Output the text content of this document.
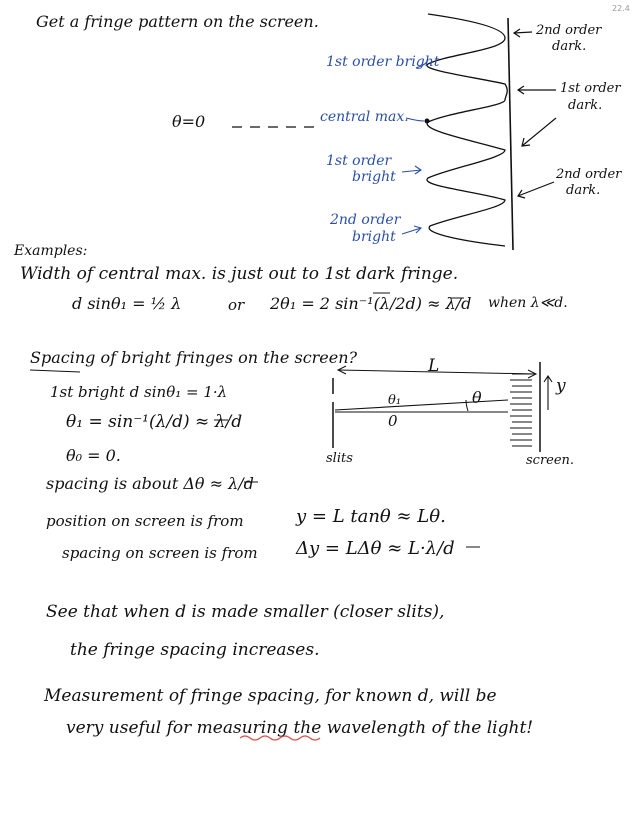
22.4
Get a fringe pattern on the screen.
1st order bright
θ=0	central max.
1st order
bright
2nd order
bright
2nd order
dark.
1st order
dark.
2nd order
dark.
Examples:
Width of central max. is just out to 1st dark fringe.
d sinθ₁ = ½ λ	or 2θ₁ = 2 sin⁻¹(λ/2d) ≈ λ/d when λ≪d.
Spacing of bright fringes on the screen?
1st bright d sinθ₁ = 1·λ
θ₁ = sin⁻¹(λ/d) ≈ λ/d
θ₀ = 0.
spacing is about Δθ ≈ λ/d
L
θ₁	θ
0
y
slits	screen.
position on screen is from	y = L tanθ ≈ Lθ.
spacing on screen is from Δy = LΔθ ≈ L·λ/d
See that when d is made smaller (closer slits),
the fringe spacing increases.
Measurement of fringe spacing, for known d, will be
very useful for measuring the wavelength of the light!
